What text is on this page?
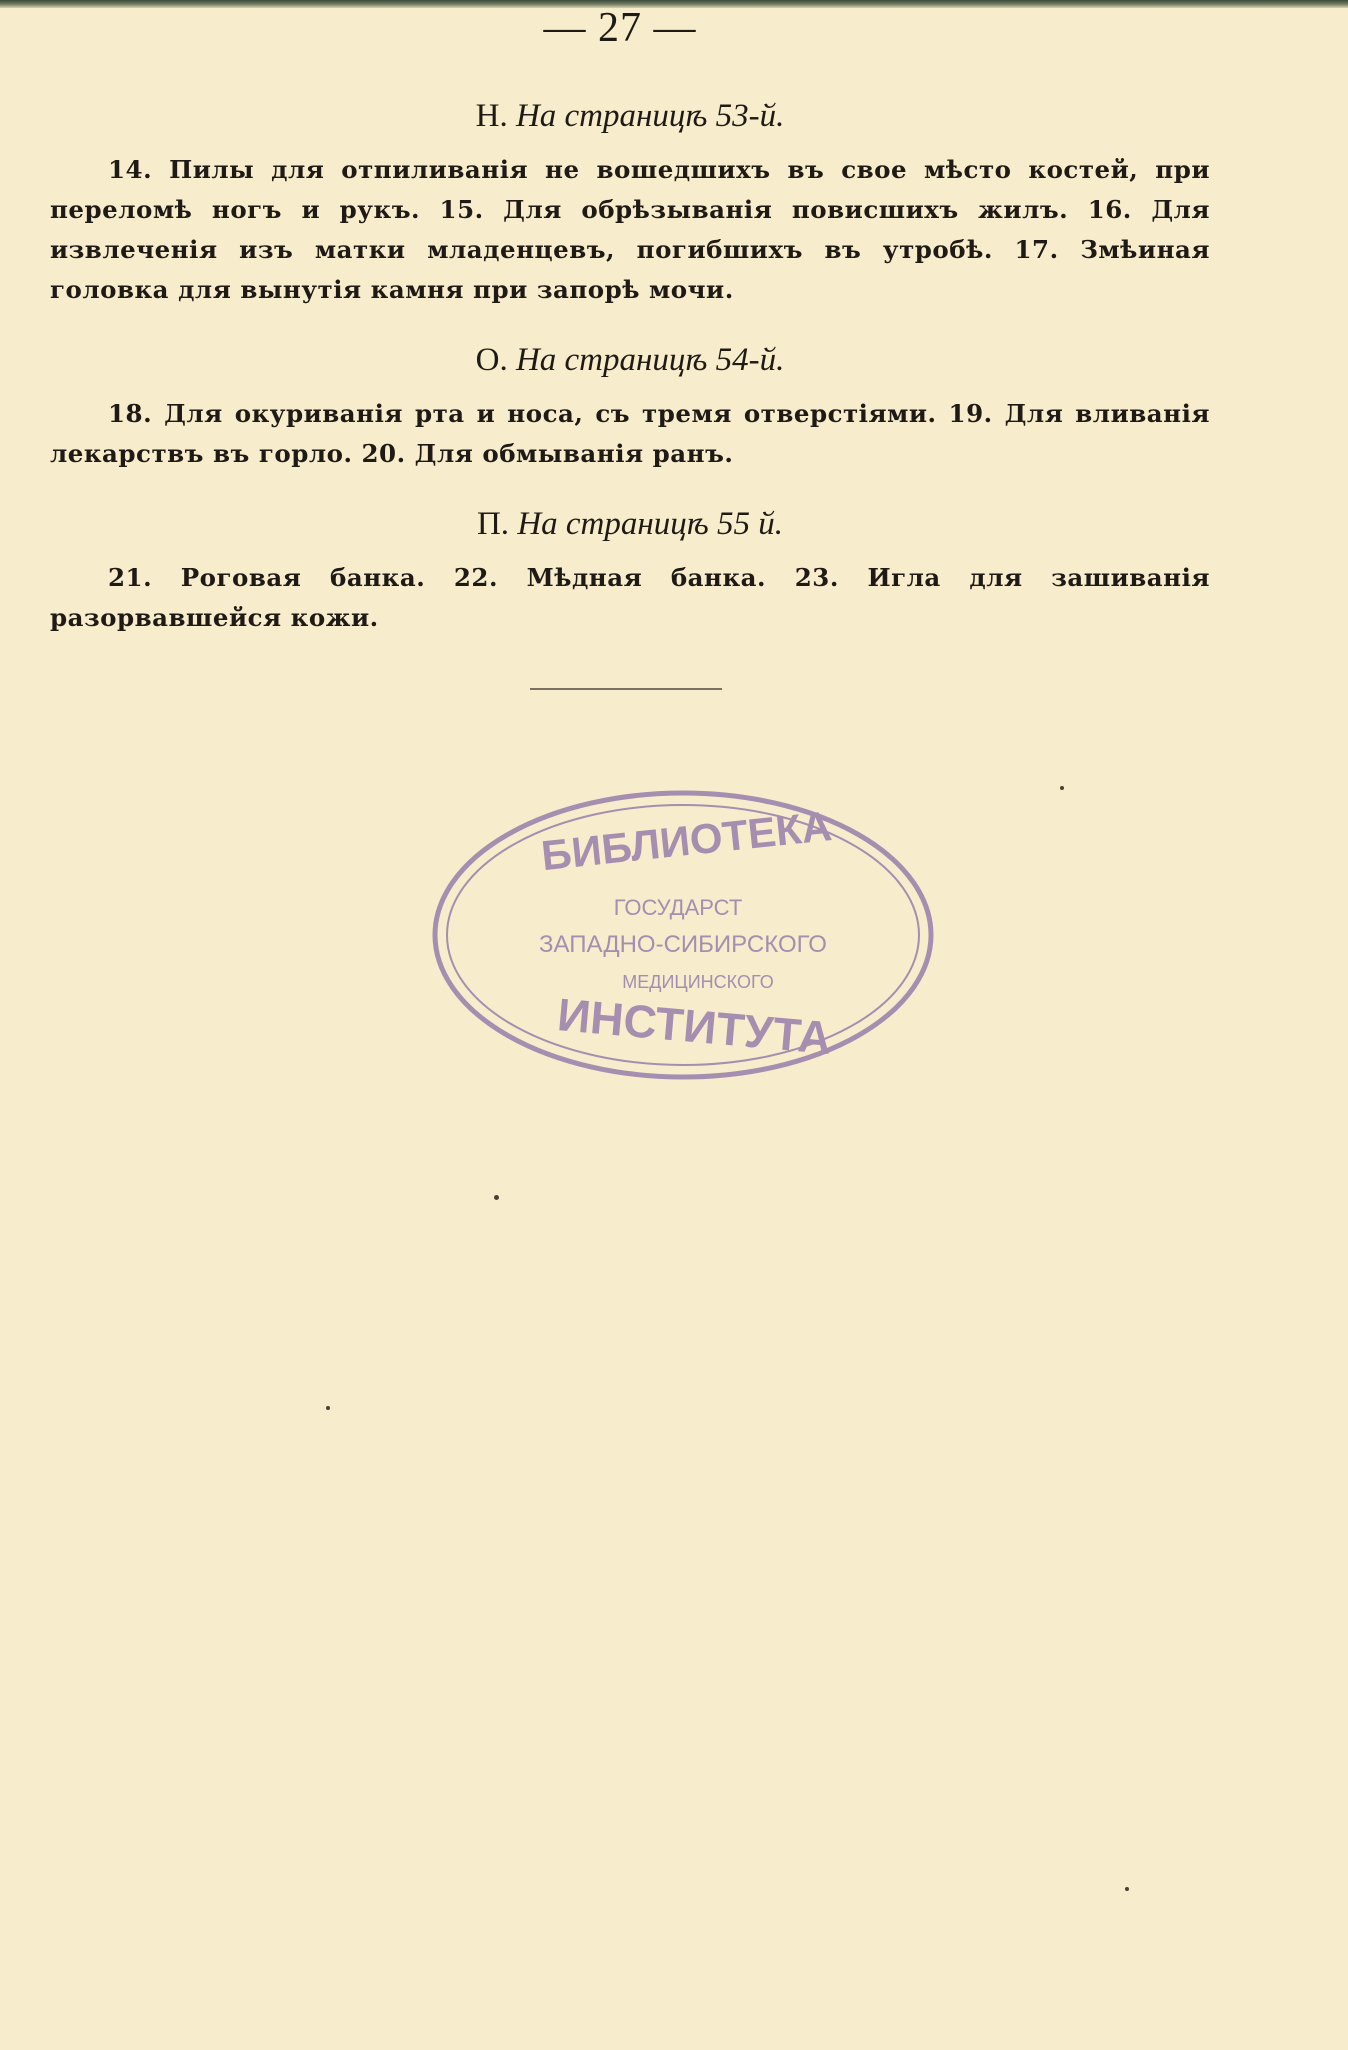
— 27 —
Н. На страницѣ 53-й.

14. Пилы для отпиливанія не вошедшихъ въ свое мѣсто костей, при переломѣ ногъ и рукъ. 15. Для обрѣзыванія повисшихъ жилъ. 16. Для извлеченія изъ матки младенцевъ, погибшихъ въ утробѣ. 17. Змѣиная головка для вынутія камня при запорѣ мочи.

О. На страницѣ 54-й.

18. Для окуриванія рта и носа, съ тремя отверстіями. 19. Для вливанія лекарствъ въ горло. 20. Для обмыванія ранъ.

П. На страницѣ 55 й.

21. Роговая банка. 22. Мѣдная банка. 23. Игла для зашиванія разорвавшейся кожи.

БИБЛИОТЕКА
ГОСУДАРСТ
ЗАПАДНО-СИБИРСКОГО
МЕДИЦИНСКОГО
ИНСТИТУТА
